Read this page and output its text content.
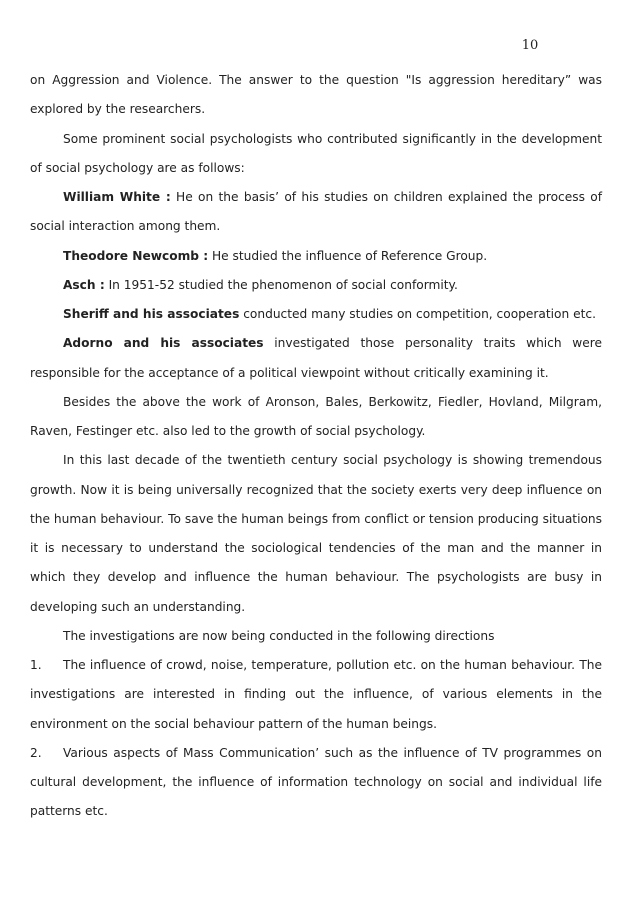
10

on Aggression and Violence. The answer to the question "Is aggression hereditary” was explored by the researchers.

Some prominent social psychologists who contributed significantly in the development of social psychology are as follows:

William White : He on the basis’ of his studies on children explained the process of social interaction among them.

Theodore Newcomb : He studied the influence of Reference Group.

Asch : In 1951-52 studied the phenomenon of social conformity.

Sheriff and his associates conducted many studies on competition, cooperation etc.

Adorno and his associates investigated those personality traits which were responsible for the acceptance of a political viewpoint without critically examining it.

Besides the above the work of Aronson, Bales, Berkowitz, Fiedler, Hovland, Milgram, Raven, Festinger etc. also led to the growth of social psychology.

In this last decade of the twentieth century social psychology is showing tremendous growth. Now it is being universally recognized that the society exerts very deep influence on the human behaviour. To save the human beings from conflict or tension producing situations it is necessary to understand the sociological tendencies of the man and the manner in which they develop and influence the human behaviour. The psychologists are busy in developing such an understanding.

The investigations are now being conducted in the following directions

1. The influence of crowd, noise, temperature, pollution etc. on the human behaviour. The investigations are interested in finding out the influence, of various elements in the environment on the social behaviour pattern of the human beings.

2. Various aspects of Mass Communication’ such as the influence of TV programmes on cultural development, the influence of information technology on social and individual life patterns etc.
